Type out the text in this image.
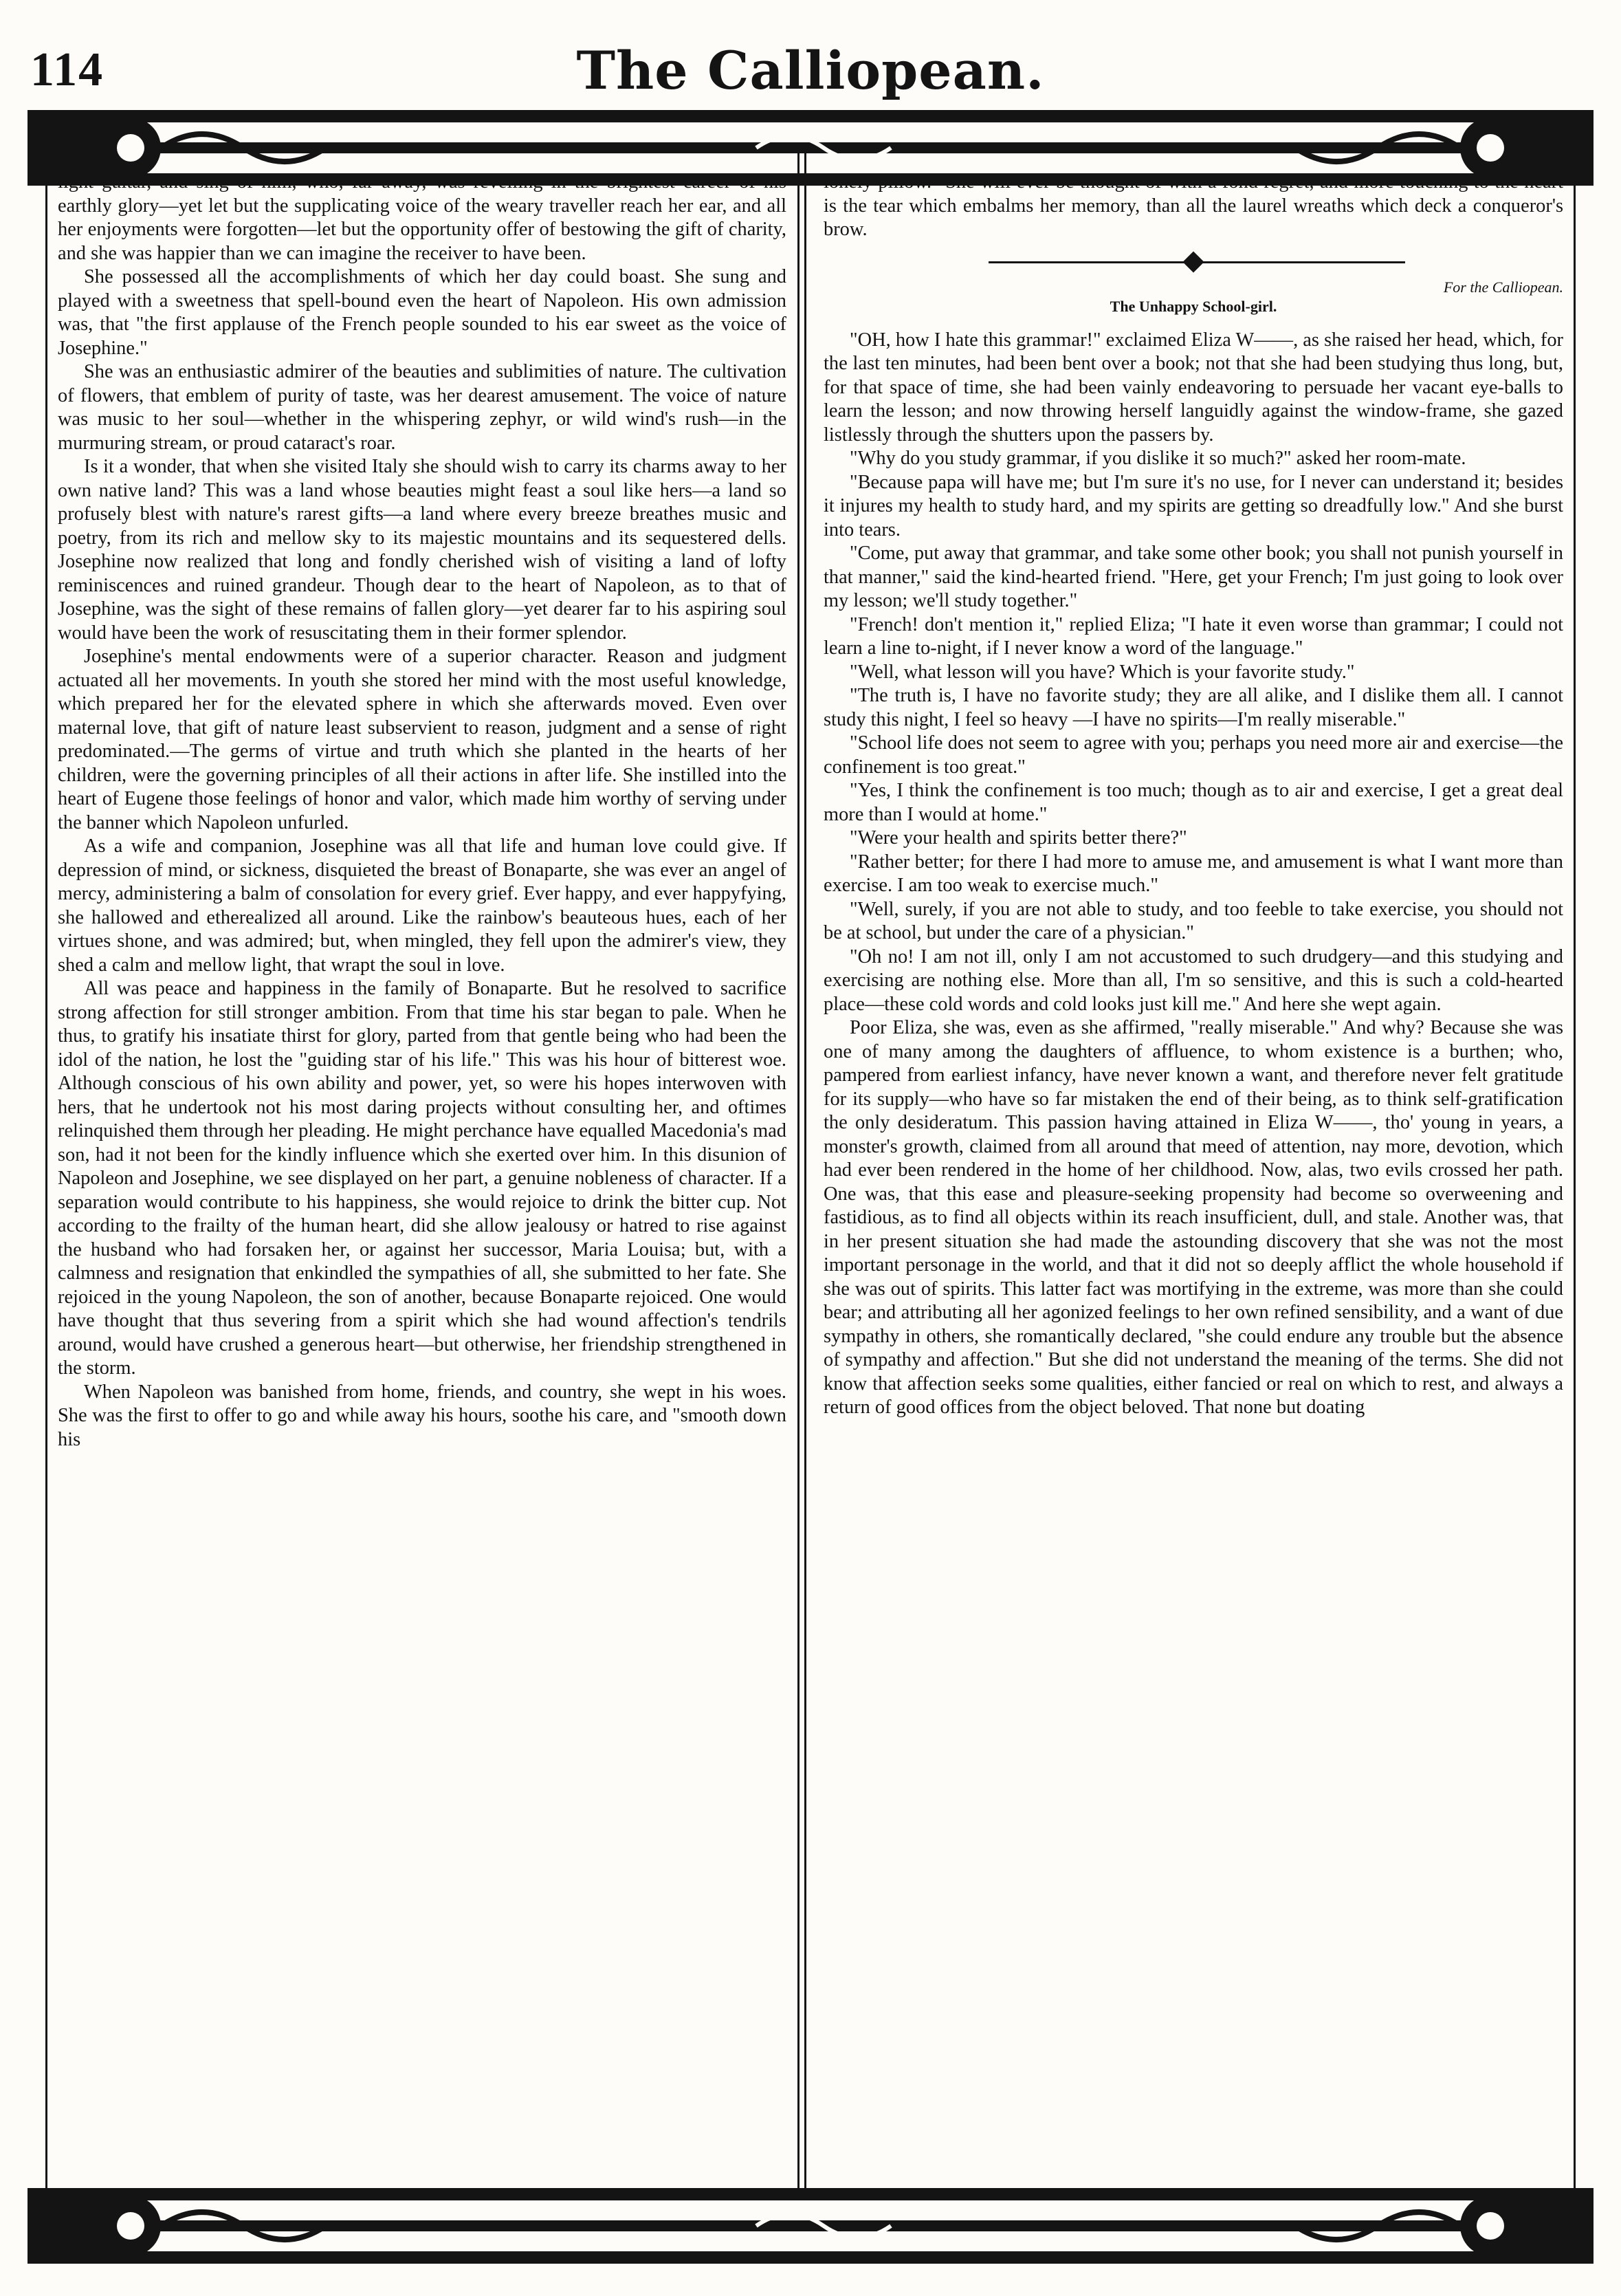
114	The Calliopean.

light guitar, and sing of him, who, far away, was revelling in the brightest career of his earthly glory—yet let but the supplicating voice of the weary traveller reach her ear, and all her enjoyments were forgotten—let but the opportunity offer of bestowing the gift of charity, and she was happier than we can imagine the receiver to have been.

She possessed all the accomplishments of which her day could boast. She sung and played with a sweetness that spell-bound even the heart of Napoleon. His own admission was, that "the first applause of the French people sounded to his ear sweet as the voice of Josephine."

She was an enthusiastic admirer of the beauties and sublimities of nature. The cultivation of flowers, that emblem of purity of taste, was her dearest amusement. The voice of nature was music to her soul—whether in the whispering zephyr, or wild wind's rush—in the murmuring stream, or proud cataract's roar.

Is it a wonder, that when she visited Italy she should wish to carry its charms away to her own native land? This was a land whose beauties might feast a soul like hers—a land so profusely blest with nature's rarest gifts—a land where every breeze breathes music and poetry, from its rich and mellow sky to its majestic mountains and its sequestered dells. Josephine now realized that long and fondly cherished wish of visiting a land of lofty reminiscences and ruined grandeur. Though dear to the heart of Napoleon, as to that of Josephine, was the sight of these remains of fallen glory—yet dearer far to his aspiring soul would have been the work of resuscitating them in their former splendor.

Josephine's mental endowments were of a superior character. Reason and judgment actuated all her movements. In youth she stored her mind with the most useful knowledge, which prepared her for the elevated sphere in which she afterwards moved. Even over maternal love, that gift of nature least subservient to reason, judgment and a sense of right predominated.—The germs of virtue and truth which she planted in the hearts of her children, were the governing principles of all their actions in after life. She instilled into the heart of Eugene those feelings of honor and valor, which made him worthy of serving under the banner which Napoleon unfurled.

As a wife and companion, Josephine was all that life and human love could give. If depression of mind, or sickness, disquieted the breast of Bonaparte, she was ever an angel of mercy, administering a balm of consolation for every grief. Ever happy, and ever happyfying, she hallowed and etherealized all around. Like the rainbow's beauteous hues, each of her virtues shone, and was admired; but, when mingled, they fell upon the admirer's view, they shed a calm and mellow light, that wrapt the soul in love.

All was peace and happiness in the family of Bonaparte. But he resolved to sacrifice strong affection for still stronger ambition. From that time his star began to pale. When he thus, to gratify his insatiate thirst for glory, parted from that gentle being who had been the idol of the nation, he lost the "guiding star of his life." This was his hour of bitterest woe. Although conscious of his own ability and power, yet, so were his hopes interwoven with hers, that he undertook not his most daring projects without consulting her, and oftimes relinquished them through her pleading. He might perchance have equalled Macedonia's mad son, had it not been for the kindly influence which she exerted over him. In this disunion of Napoleon and Josephine, we see displayed on her part, a genuine nobleness of character. If a separation would contribute to his happiness, she would rejoice to drink the bitter cup. Not according to the frailty of the human heart, did she allow jealousy or hatred to rise against the husband who had forsaken her, or against her successor, Maria Louisa; but, with a calmness and resignation that enkindled the sympathies of all, she submitted to her fate. She rejoiced in the young Napoleon, the son of another, because Bonaparte rejoiced. One would have thought that thus severing from a spirit which she had wound affection's tendrils around, would have crushed a generous heart—but otherwise, her friendship strengthened in the storm.

When Napoleon was banished from home, friends, and country, she wept in his woes. She was the first to offer to go and while away his hours, soothe his care, and "smooth down his

lonely pillow." She will ever be thought of with a fond regret, and more touching to the heart is the tear which embalms her memory, than all the laurel wreaths which deck a conqueror's brow.

For the Calliopean.
The Unhappy School-girl.

"OH, how I hate this grammar!" exclaimed Eliza W——, as she raised her head, which, for the last ten minutes, had been bent over a book; not that she had been studying thus long, but, for that space of time, she had been vainly endeavoring to persuade her vacant eye-balls to learn the lesson; and now throwing herself languidly against the window-frame, she gazed listlessly through the shutters upon the passers by.

"Why do you study grammar, if you dislike it so much?" asked her room-mate.

"Because papa will have me; but I'm sure it's no use, for I never can understand it; besides it injures my health to study hard, and my spirits are getting so dreadfully low." And she burst into tears.

"Come, put away that grammar, and take some other book; you shall not punish yourself in that manner," said the kind-hearted friend. "Here, get your French; I'm just going to look over my lesson; we'll study together."

"French! don't mention it," replied Eliza; "I hate it even worse than grammar; I could not learn a line to-night, if I never know a word of the language."

"Well, what lesson will you have? Which is your favorite study."

"The truth is, I have no favorite study; they are all alike, and I dislike them all. I cannot study this night, I feel so heavy —I have no spirits—I'm really miserable."

"School life does not seem to agree with you; perhaps you need more air and exercise—the confinement is too great."

"Yes, I think the confinement is too much; though as to air and exercise, I get a great deal more than I would at home."

"Were your health and spirits better there?"

"Rather better; for there I had more to amuse me, and amusement is what I want more than exercise. I am too weak to exercise much."

"Well, surely, if you are not able to study, and too feeble to take exercise, you should not be at school, but under the care of a physician."

"Oh no! I am not ill, only I am not accustomed to such drudgery—and this studying and exercising are nothing else. More than all, I'm so sensitive, and this is such a cold-hearted place—these cold words and cold looks just kill me." And here she wept again.

Poor Eliza, she was, even as she affirmed, "really miserable." And why? Because she was one of many among the daughters of affluence, to whom existence is a burthen; who, pampered from earliest infancy, have never known a want, and therefore never felt gratitude for its supply—who have so far mistaken the end of their being, as to think self-gratification the only desideratum. This passion having attained in Eliza W——, tho' young in years, a monster's growth, claimed from all around that meed of attention, nay more, devotion, which had ever been rendered in the home of her childhood. Now, alas, two evils crossed her path. One was, that this ease and pleasure-seeking propensity had become so overweening and fastidious, as to find all objects within its reach insufficient, dull, and stale. Another was, that in her present situation she had made the astounding discovery that she was not the most important personage in the world, and that it did not so deeply afflict the whole household if she was out of spirits. This latter fact was mortifying in the extreme, was more than she could bear; and attributing all her agonized feelings to her own refined sensibility, and a want of due sympathy in others, she romantically declared, "she could endure any trouble but the absence of sympathy and affection." But she did not understand the meaning of the terms. She did not know that affection seeks some qualities, either fancied or real on which to rest, and always a return of good offices from the object beloved. That none but doating
